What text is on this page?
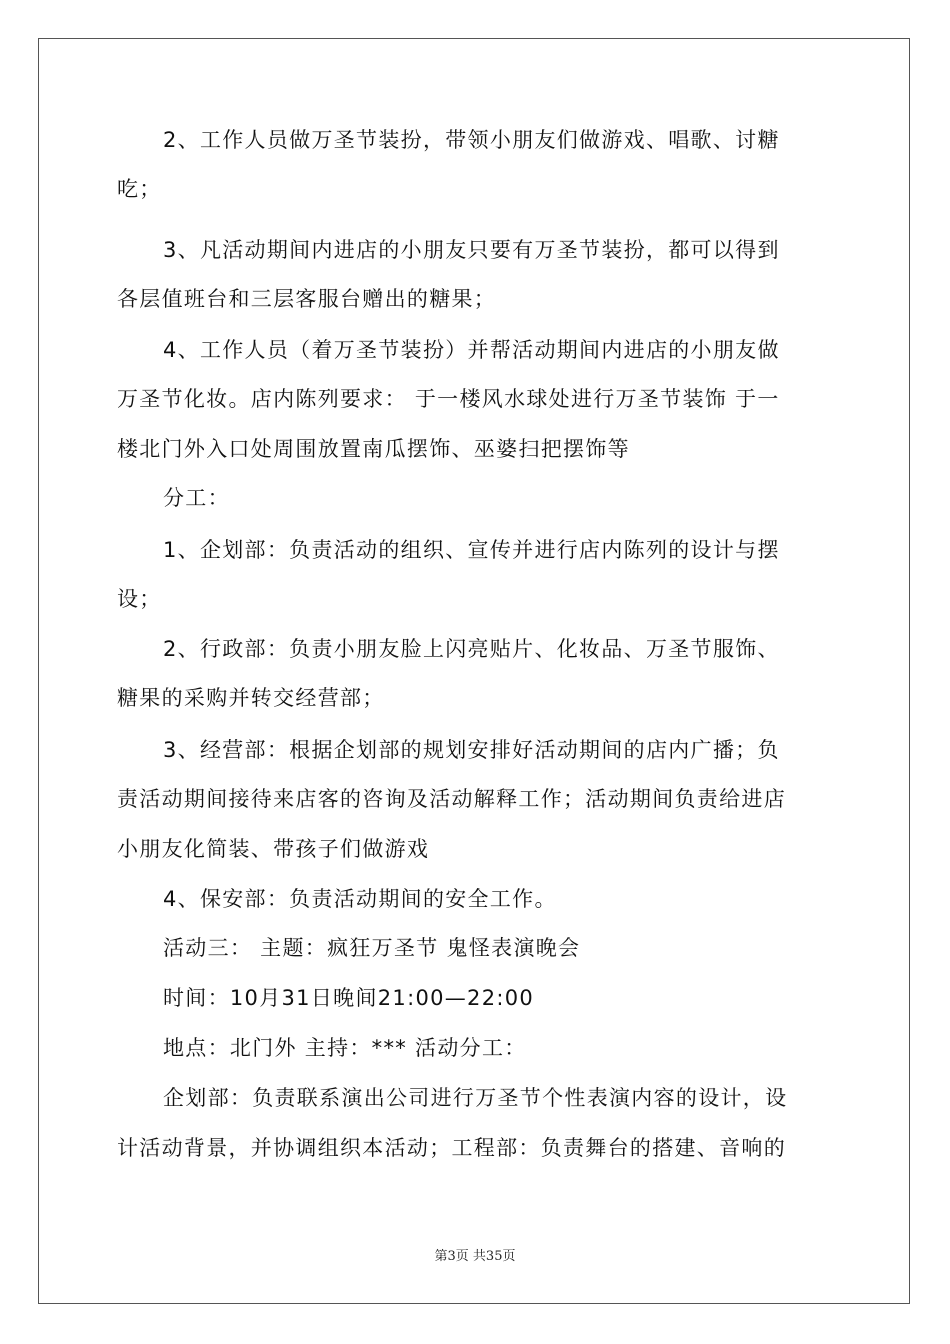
2、工作人员做万圣节装扮，带领小朋友们做游戏、唱歌、讨糖
吃；
3、凡活动期间内进店的小朋友只要有万圣节装扮，都可以得到
各层值班台和三层客服台赠出的糖果；
4、工作人员（着万圣节装扮）并帮活动期间内进店的小朋友做
万圣节化妆。店内陈列要求： 于一楼风水球处进行万圣节装饰 于一
楼北门外入口处周围放置南瓜摆饰、巫婆扫把摆饰等
分工：
1、企划部：负责活动的组织、宣传并进行店内陈列的设计与摆
设；
2、行政部：负责小朋友脸上闪亮贴片、化妆品、万圣节服饰、
糖果的采购并转交经营部；
3、经营部：根据企划部的规划安排好活动期间的店内广播；负
责活动期间接待来店客的咨询及活动解释工作；活动期间负责给进店
小朋友化简装、带孩子们做游戏
4、保安部：负责活动期间的安全工作。
活动三： 主题：疯狂万圣节 鬼怪表演晚会
时间：10月31日晚间21:00—22:00
地点：北门外 主持：*** 活动分工：
企划部：负责联系演出公司进行万圣节个性表演内容的设计，设
计活动背景，并协调组织本活动；工程部：负责舞台的搭建、音响的
第3页 共35页
